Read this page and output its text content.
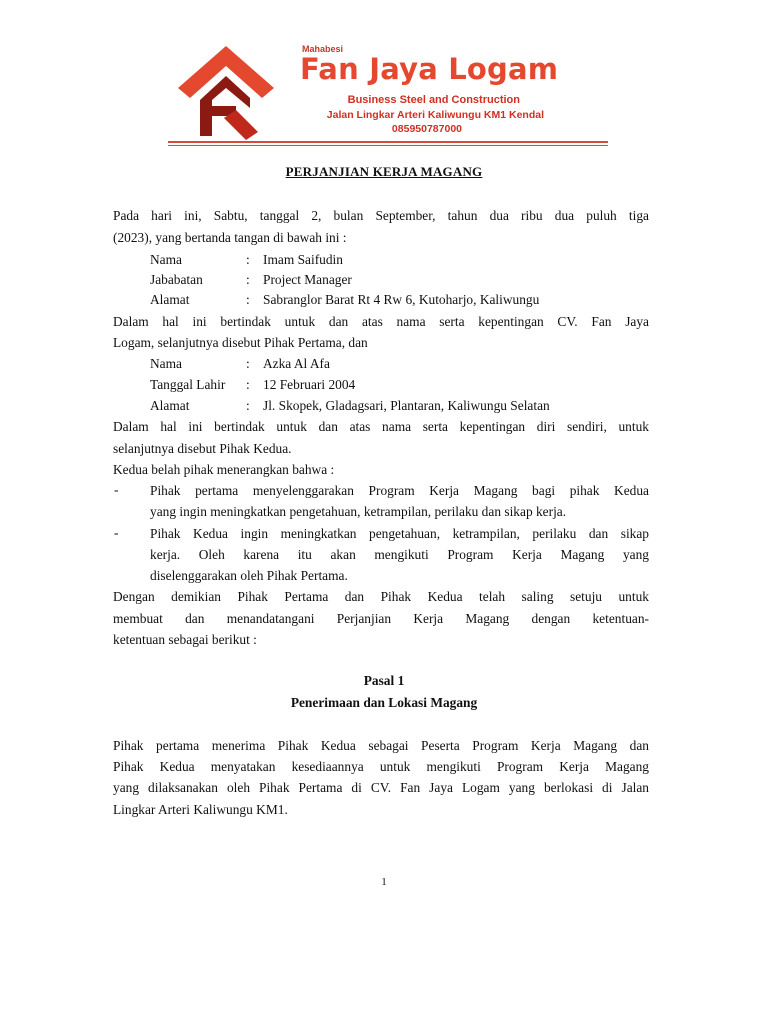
Mahabesi
Fan Jaya Logam
Business Steel and Construction
Jalan Lingkar Arteri Kaliwungu KM1 Kendal
085950787000
PERJANJIAN KERJA MAGANG
Pada hari ini, Sabtu, tanggal 2, bulan September, tahun dua ribu dua puluh tiga
(2023), yang bertanda tangan di bawah ini :
Nama	: Imam Saifudin
Jababatan	: Project Manager
Alamat	: Sabranglor Barat Rt 4 Rw 6, Kutoharjo, Kaliwungu
Dalam hal ini bertindak untuk dan atas nama serta kepentingan CV. Fan Jaya
Logam, selanjutnya disebut Pihak Pertama, dan
Nama	: Azka Al Afa
Tanggal Lahir : 12 Februari 2004
Alamat	: Jl. Skopek, Gladagsari, Plantaran, Kaliwungu Selatan
Dalam hal ini bertindak untuk dan atas nama serta kepentingan diri sendiri, untuk
selanjutnya disebut Pihak Kedua.
Kedua belah pihak menerangkan bahwa :
- Pihak pertama menyelenggarakan Program Kerja Magang bagi pihak Kedua
yang ingin meningkatkan pengetahuan, ketrampilan, perilaku dan sikap kerja.
- Pihak Kedua ingin meningkatkan pengetahuan, ketrampilan, perilaku dan sikap
kerja. Oleh karena itu akan mengikuti Program Kerja Magang yang
diselenggarakan oleh Pihak Pertama.
Dengan demikian Pihak Pertama dan Pihak Kedua telah saling setuju untuk
membuat dan menandatangani Perjanjian Kerja Magang dengan ketentuan-
ketentuan sebagai berikut :
Pasal 1
Penerimaan dan Lokasi Magang
Pihak pertama menerima Pihak Kedua sebagai Peserta Program Kerja Magang dan
Pihak Kedua menyatakan kesediaannya untuk mengikuti Program Kerja Magang
yang dilaksanakan oleh Pihak Pertama di CV. Fan Jaya Logam yang berlokasi di Jalan
Lingkar Arteri Kaliwungu KM1.
1
